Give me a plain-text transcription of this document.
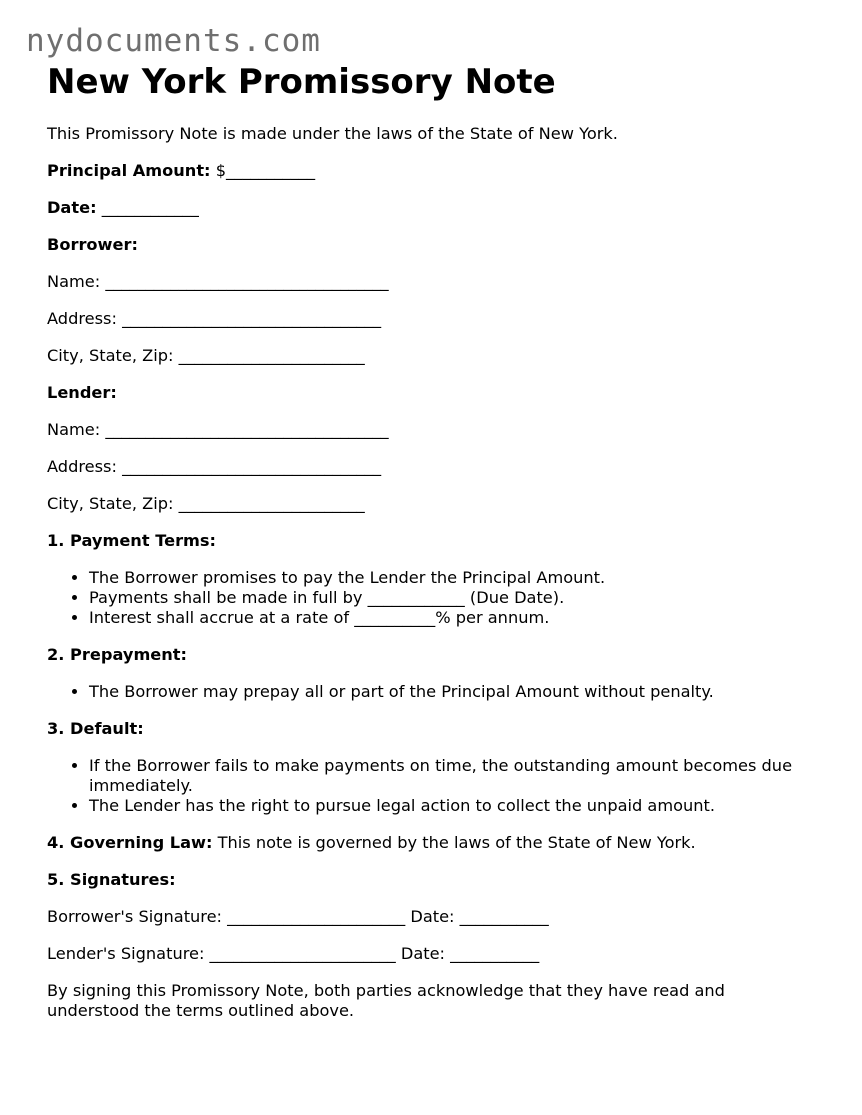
nydocuments.com
New York Promissory Note

This Promissory Note is made under the laws of the State of New York.

Principal Amount: $___________

Date: ____________

Borrower:

Name: ___________________________________

Address: ________________________________

City, State, Zip: _______________________

Lender:

Name: ___________________________________

Address: ________________________________

City, State, Zip: _______________________

1. Payment Terms:

• The Borrower promises to pay the Lender the Principal Amount.
• Payments shall be made in full by ____________ (Due Date).
• Interest shall accrue at a rate of __________% per annum.

2. Prepayment:

• The Borrower may prepay all or part of the Principal Amount without penalty.

3. Default:

• If the Borrower fails to make payments on time, the outstanding amount becomes due immediately.
• The Lender has the right to pursue legal action to collect the unpaid amount.

4. Governing Law: This note is governed by the laws of the State of New York.

5. Signatures:

Borrower's Signature: ______________________ Date: ___________

Lender's Signature: _______________________ Date: ___________

By signing this Promissory Note, both parties acknowledge that they have read and understood the terms outlined above.
